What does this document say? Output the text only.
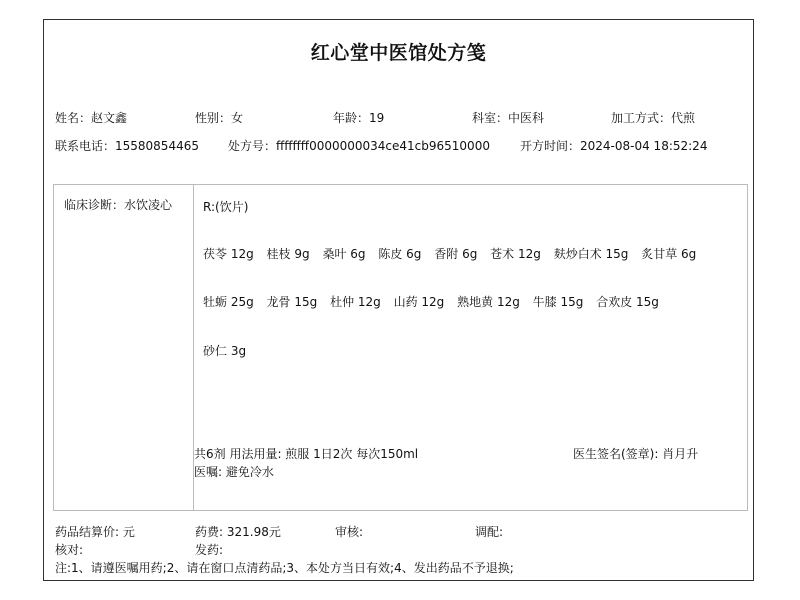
红心堂中医馆处方笺
姓名：赵文鑫	性别：女	年龄：19	科室：中医科	加工方式：代煎
联系电话：15580854465 处方号：ffffffff0000000034ce41cb96510000	开方时间：2024-08-04 18:52:24
临床诊断：水饮凌心	R:(饮片)
茯苓 12g 桂枝 9g 桑叶 6g 陈皮 6g 香附 6g 苍术 12g 麸炒白术 15g 炙甘草 6g
牡蛎 25g 龙骨 15g 杜仲 12g 山药 12g 熟地黄 12g 牛膝 15g 合欢皮 15g
砂仁 3g
共6剂 用法用量: 煎服 1日2次 每次150ml
医嘱: 避免冷水
医生签名(签章): 肖月升
药品结算价: 元	药费: 321.98元	审核:	调配:
核对:	发药:
注:1、请遵医嘱用药;2、请在窗口点清药品;3、本处方当日有效;4、发出药品不予退换;
